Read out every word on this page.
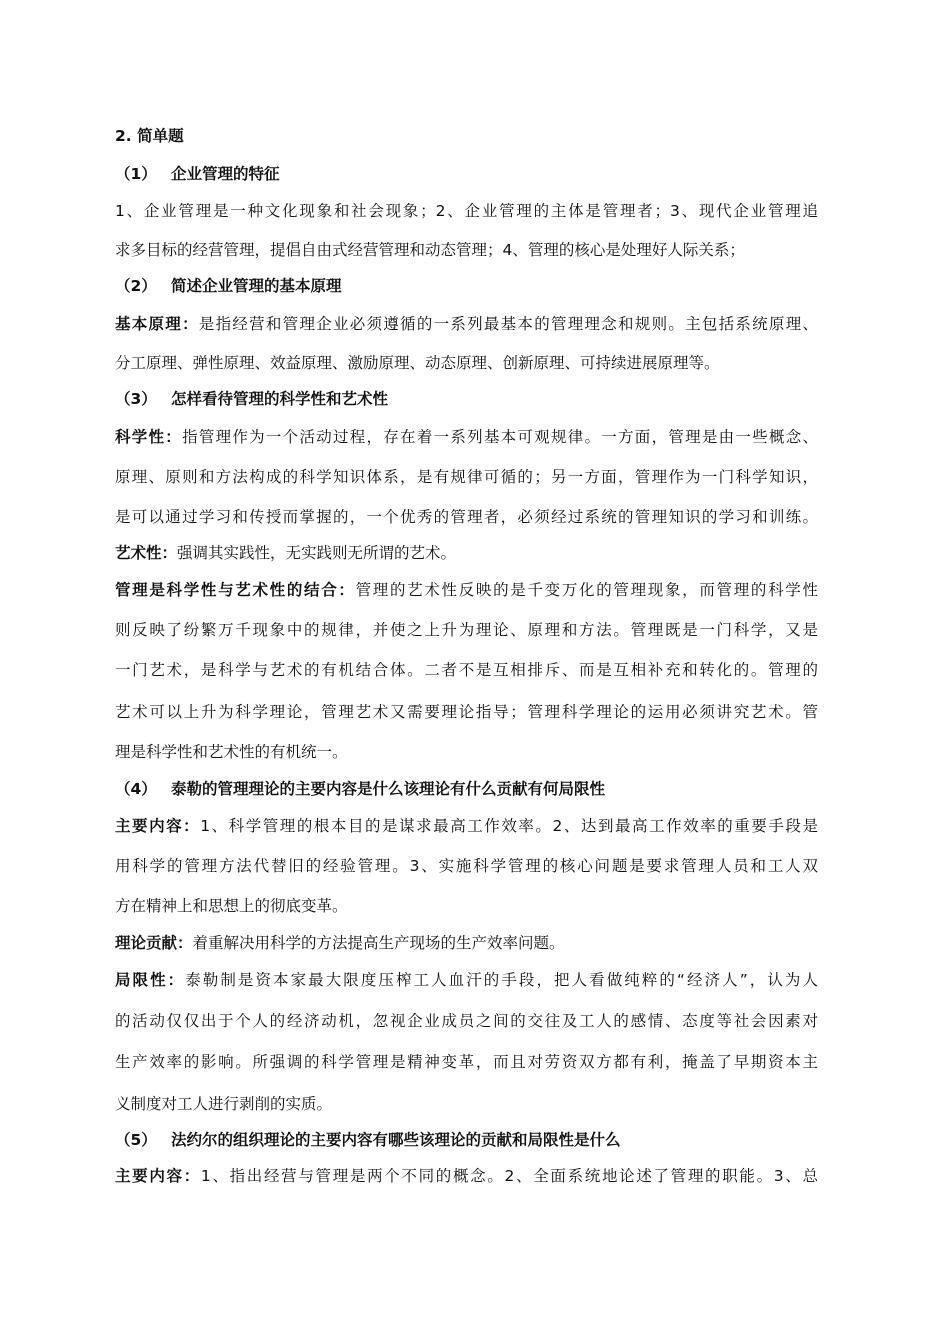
2. 简单题
（1） 企业管理的特征
1、企业管理是一种文化现象和社会现象；2、企业管理的主体是管理者；3、现代企业管理追
求多目标的经营管理，提倡自由式经营管理和动态管理；4、管理的核心是处理好人际关系；
（2） 简述企业管理的基本原理
基本原理：是指经营和管理企业必须遵循的一系列最基本的管理理念和规则。主包括系统原理、
分工原理、弹性原理、效益原理、激励原理、动态原理、创新原理、可持续进展原理等。
（3） 怎样看待管理的科学性和艺术性
科学性：指管理作为一个活动过程，存在着一系列基本可观规律。一方面，管理是由一些概念、
原理、原则和方法构成的科学知识体系，是有规律可循的；另一方面，管理作为一门科学知识，
是可以通过学习和传授而掌握的，一个优秀的管理者，必须经过系统的管理知识的学习和训练。
艺术性：强调其实践性，无实践则无所谓的艺术。
管理是科学性与艺术性的结合：管理的艺术性反映的是千变万化的管理现象，而管理的科学性
则反映了纷繁万千现象中的规律，并使之上升为理论、原理和方法。管理既是一门科学，又是
一门艺术，是科学与艺术的有机结合体。二者不是互相排斥、而是互相补充和转化的。管理的
艺术可以上升为科学理论，管理艺术又需要理论指导；管理科学理论的运用必须讲究艺术。管
理是科学性和艺术性的有机统一。
（4） 泰勒的管理理论的主要内容是什么该理论有什么贡献有何局限性
主要内容：1、科学管理的根本目的是谋求最高工作效率。2、达到最高工作效率的重要手段是
用科学的管理方法代替旧的经验管理。3、实施科学管理的核心问题是要求管理人员和工人双
方在精神上和思想上的彻底变革。
理论贡献：着重解决用科学的方法提高生产现场的生产效率问题。
局限性：泰勒制是资本家最大限度压榨工人血汗的手段，把人看做纯粹的“经济人”，认为人
的活动仅仅出于个人的经济动机，忽视企业成员之间的交往及工人的感情、态度等社会因素对
生产效率的影响。所强调的科学管理是精神变革，而且对劳资双方都有利，掩盖了早期资本主
义制度对工人进行剥削的实质。
（5） 法约尔的组织理论的主要内容有哪些该理论的贡献和局限性是什么
主要内容：1、指出经营与管理是两个不同的概念。2、全面系统地论述了管理的职能。3、总
